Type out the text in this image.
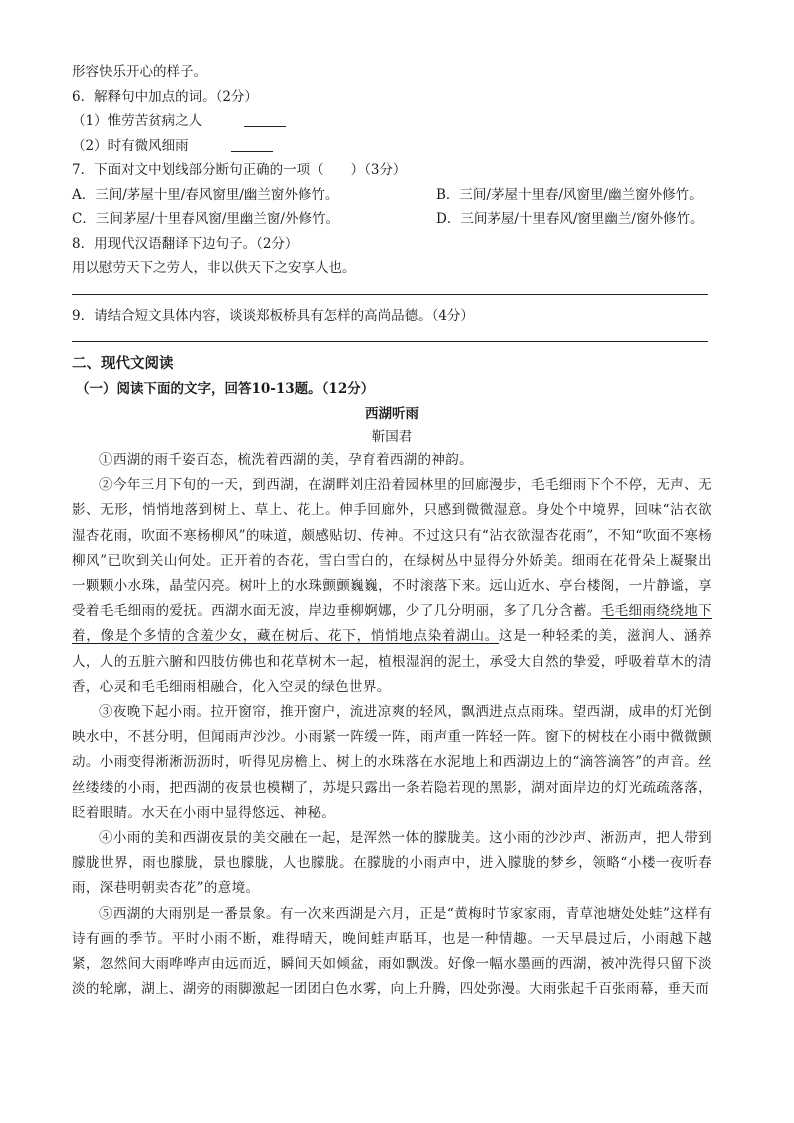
形容快乐开心的样子。
6．解释句中加点的词。（2分）
（1）惟劳苦贫病之人
（2）时有微风细雨
7．下面对文中划线部分断句正确的一项（　　）（3分）
A．三间/茅屋十里/春风窗里/幽兰窗外修竹。	B．三间/茅屋十里春/风窗里/幽兰窗外修竹。
C．三间茅屋/十里春风窗/里幽兰窗/外修竹。	D．三间茅屋/十里春风/窗里幽兰/窗外修竹。
8．用现代汉语翻译下边句子。（2分）
用以慰劳天下之劳人，非以供天下之安享人也。
9．请结合短文具体内容，谈谈郑板桥具有怎样的高尚品德。（4分）
二、现代文阅读
（一）阅读下面的文字，回答10-13题。（12分）
西湖听雨
靳国君
①西湖的雨千姿百态，梳洗着西湖的美，孕育着西湖的神韵。
②今年三月下旬的一天，到西湖，在湖畔刘庄沿着园林里的回廊漫步，毛毛细雨下个不停，无声、无影、无形，悄悄地落到树上、草上、花上。伸手回廊外，只感到微微湿意。身处个中境界，回味“沾衣欲湿杏花雨，吹面不寒杨柳风”的味道，颇感贴切、传神。不过这只有“沾衣欲湿杏花雨”，不知“吹面不寒杨柳风”已吹到关山何处。正开着的杏花，雪白雪白的，在绿树丛中显得分外娇美。细雨在花骨朵上凝聚出一颗颗小水珠，晶莹闪亮。树叶上的水珠颤颤巍巍，不时滚落下来。远山近水、亭台楼阁，一片静谧，享受着毛毛细雨的爱抚。西湖水面无波，岸边垂柳婀娜，少了几分明丽，多了几分含蓄。毛毛细雨绕绕地下着，像是个多情的含羞少女，藏在树后、花下，悄悄地点染着湖山。这是一种轻柔的美，滋润人、涵养人，人的五脏六腑和四肢仿佛也和花草树木一起，植根湿润的泥土，承受大自然的挚爱，呼吸着草木的清香，心灵和毛毛细雨相融合，化入空灵的绿色世界。
③夜晚下起小雨。拉开窗帘，推开窗户，流进凉爽的轻风，飘洒进点点雨珠。望西湖，成串的灯光倒映水中，不甚分明，但闻雨声沙沙。小雨紧一阵缓一阵，雨声重一阵轻一阵。窗下的树枝在小雨中微微颤动。小雨变得淅淅沥沥时，听得见房檐上、树上的水珠落在水泥地上和西湖边上的“滴答滴答”的声音。丝丝缕缕的小雨，把西湖的夜景也模糊了，苏堤只露出一条若隐若现的黑影，湖对面岸边的灯光疏疏落落，眨着眼睛。水天在小雨中显得悠远、神秘。
④小雨的美和西湖夜景的美交融在一起，是浑然一体的朦胧美。这小雨的沙沙声、淅沥声，把人带到朦胧世界，雨也朦胧，景也朦胧，人也朦胧。在朦胧的小雨声中，进入朦胧的梦乡，领略“小楼一夜听春雨，深巷明朝卖杏花”的意境。
⑤西湖的大雨别是一番景象。有一次来西湖是六月，正是“黄梅时节家家雨，青草池塘处处蛙”这样有诗有画的季节。平时小雨不断，难得晴天，晚间蛙声聒耳，也是一种情趣。一天早晨过后，小雨越下越紧，忽然间大雨哗哗声由远而近，瞬间天如倾盆，雨如飘泼。好像一幅水墨画的西湖，被冲洗得只留下淡淡的轮廓，湖上、湖旁的雨脚激起一团团白色水雾，向上升腾，四处弥漫。大雨张起千百张雨幕，垂天而
